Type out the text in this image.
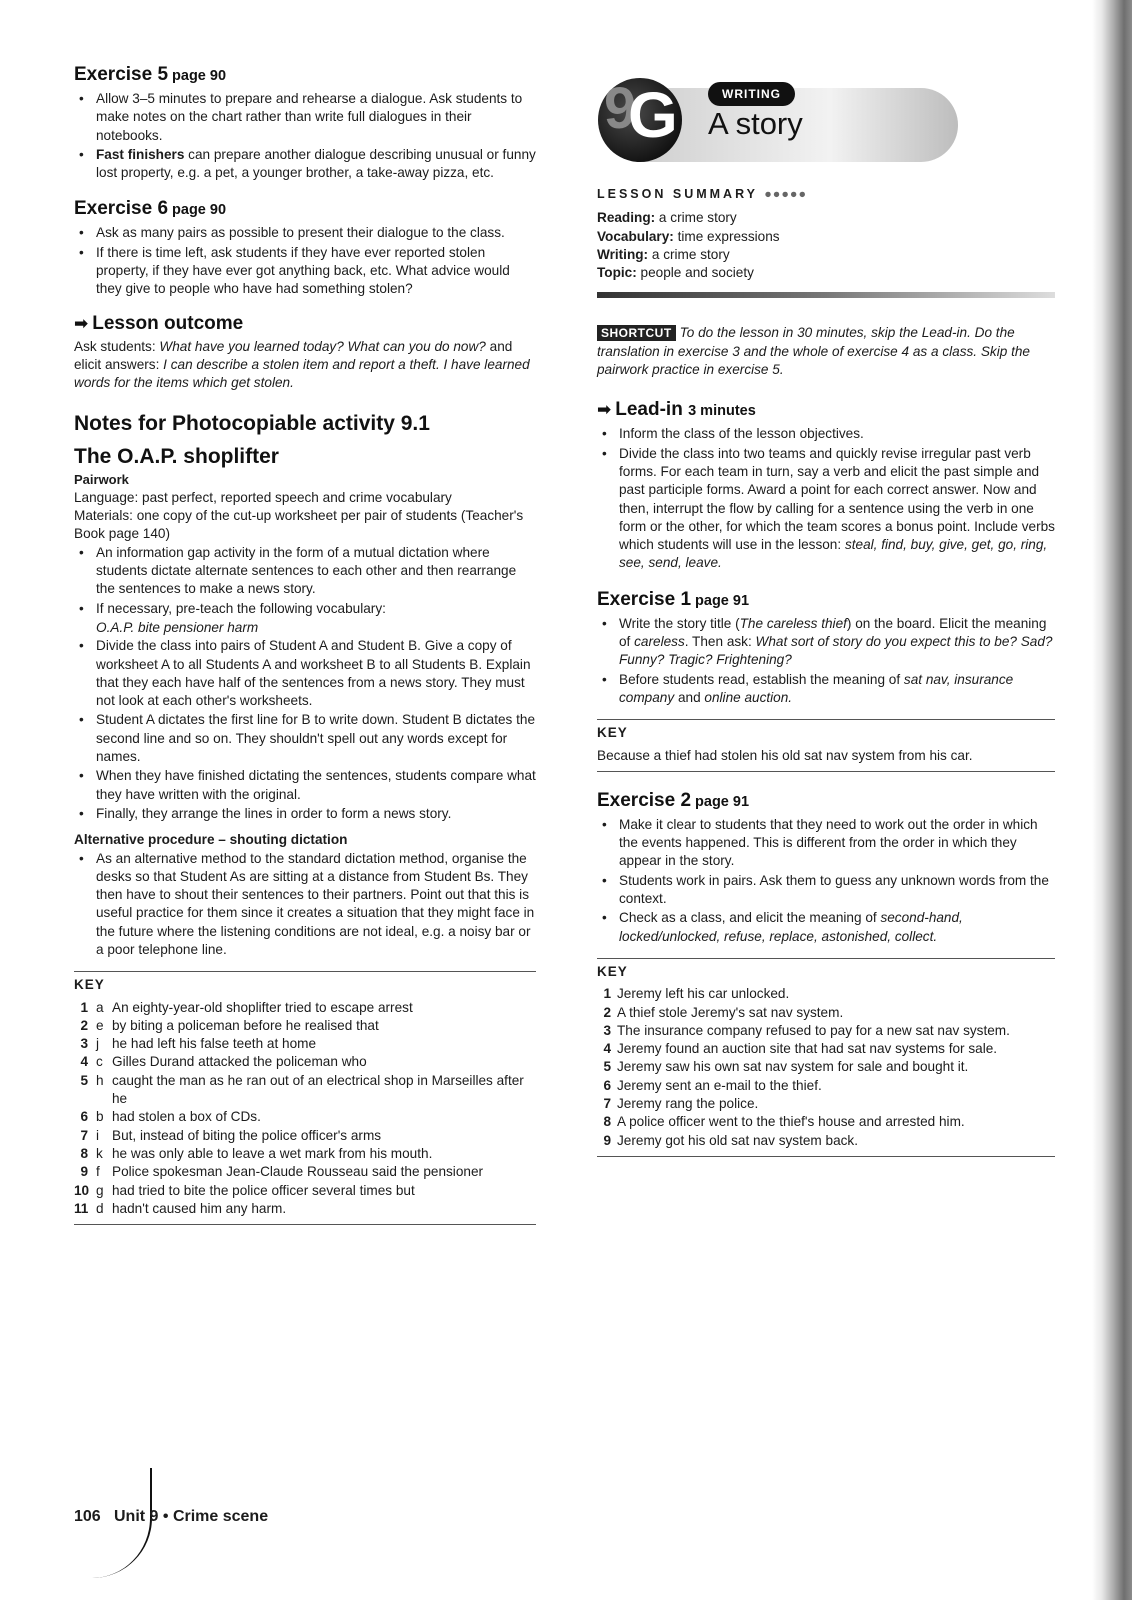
Exercise 5 page 90
• Allow 3–5 minutes to prepare and rehearse a dialogue. Ask students to make notes on the chart rather than write full dialogues in their notebooks.
• Fast finishers can prepare another dialogue describing unusual or funny lost property, e.g. a pet, a younger brother, a take-away pizza, etc.
Exercise 6 page 90
• Ask as many pairs as possible to present their dialogue to the class.
• If there is time left, ask students if they have ever reported stolen property, if they have ever got anything back, etc. What advice would they give to people who have had something stolen?
➡ Lesson outcome

Ask students: What have you learned today? What can you do now? and elicit answers: I can describe a stolen item and report a theft. I have learned words for the items which get stolen.

Notes for Photocopiable activity 9.1
The O.A.P. shoplifter

Pairwork

Language: past perfect, reported speech and crime vocabulary

Materials: one copy of the cut-up worksheet per pair of students (Teacher's Book page 140)

• An information gap activity in the form of a mutual dictation where students dictate alternate sentences to each other and then rearrange the sentences to make a news story.
• If necessary, pre-teach the following vocabulary:

O.A.P. bite pensioner harm

• Divide the class into pairs of Student A and Student B. Give a copy of worksheet A to all Students A and worksheet B to all Students B. Explain that they each have half of the sentences from a news story. They must not look at each other's worksheets.
• Student A dictates the first line for B to write down. Student B dictates the second line and so on. They shouldn't spell out any words except for names.
• When they have finished dictating the sentences, students compare what they have written with the original.
• Finally, they arrange the lines in order to form a news story.

Alternative procedure – shouting dictation

• As an alternative method to the standard dictation method, organise the desks so that Student As are sitting at a distance from Student Bs. They then have to shout their sentences to their partners. Point out that this is useful practice for them since it creates a situation that they might face in the future where the listening conditions are not ideal, e.g. a noisy bar or a poor telephone line.

KEY

1 a An eighty-year-old shoplifter tried to escape arrest
2 e by biting a policeman before he realised that
3 j he had left his false teeth at home
4 c Gilles Durand attacked the policeman who
5 h caught the man as he ran out of an electrical shop in Marseilles after he
6 b had stolen a box of CDs.
7 i But, instead of biting the police officer's arms
8 k he was only able to leave a wet mark from his mouth.
9 f Police spokesman Jean-Claude Rousseau said the pensioner
10 g had tried to bite the police officer several times but
11 d hadn't caused him any harm.
9
G	WRITING
A story

LESSON SUMMARY ●●●●●

Reading: a crime story

Vocabulary: time expressions

Writing: a crime story

Topic: people and society

SHORTCUT To do the lesson in 30 minutes, skip the Lead-in. Do the translation in exercise 3 and the whole of exercise 4 as a class. Skip the pairwork practice in exercise 5.

➡ Lead-in 3 minutes
• Inform the class of the lesson objectives.
• Divide the class into two teams and quickly revise irregular past verb forms. For each team in turn, say a verb and elicit the past simple and past participle forms. Award a point for each correct answer. Now and then, interrupt the flow by calling for a sentence using the verb in one form or the other, for which the team scores a bonus point. Include verbs which students will use in the lesson: steal, find, buy, give, get, go, ring, see, send, leave.
Exercise 1 page 91
• Write the story title (The careless thief) on the board. Elicit the meaning of careless. Then ask: What sort of story do you expect this to be? Sad? Funny? Tragic? Frightening?
• Before students read, establish the meaning of sat nav, insurance company and online auction.

KEY

Because a thief had stolen his old sat nav system from his car.

Exercise 2 page 91
• Make it clear to students that they need to work out the order in which the events happened. This is different from the order in which they appear in the story.
• Students work in pairs. Ask them to guess any unknown words from the context.
• Check as a class, and elicit the meaning of second-hand, locked/unlocked, refuse, replace, astonished, collect.

KEY

1 Jeremy left his car unlocked.
2 A thief stole Jeremy's sat nav system.
3 The insurance company refused to pay for a new sat nav system.
4 Jeremy found an auction site that had sat nav systems for sale.
5 Jeremy saw his own sat nav system for sale and bought it.
6 Jeremy sent an e-mail to the thief.
7 Jeremy rang the police.
8 A police officer went to the thief's house and arrested him.
9 Jeremy got his old sat nav system back.
106 Unit 9 • Crime scene
